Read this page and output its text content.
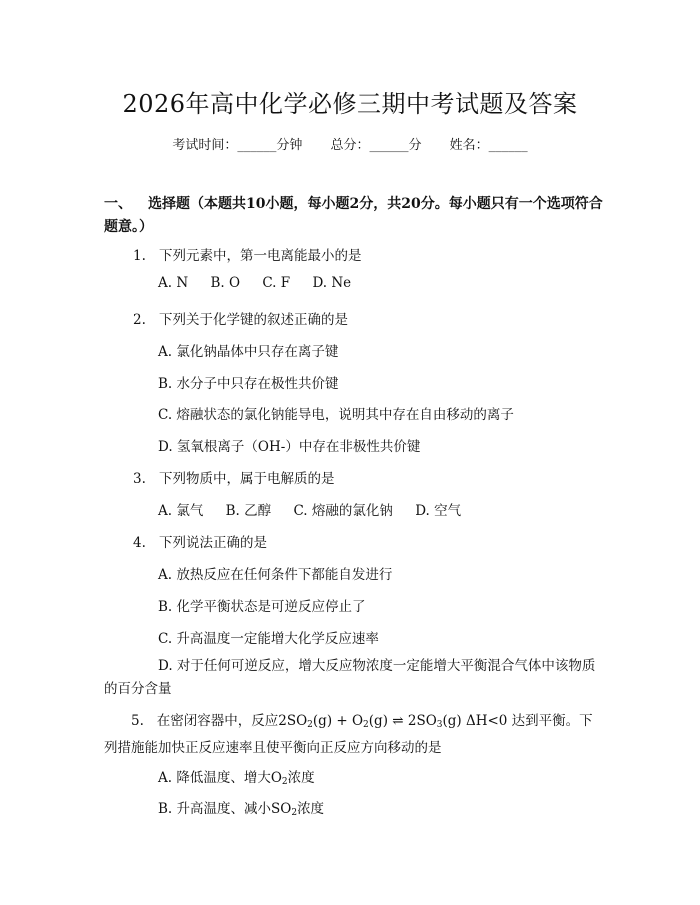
2026年高中化学必修三期中考试题及答案
考试时间：______分钟 总分：______分 姓名：______
一、 选择题（本题共10小题，每小题2分，共20分。每小题只有一个选项符合题意。）
1. 下列元素中，第一电离能最小的是
A. N B. O C. F D. Ne
2. 下列关于化学键的叙述正确的是
A. 氯化钠晶体中只存在离子键
B. 水分子中只存在极性共价键
C. 熔融状态的氯化钠能导电，说明其中存在自由移动的离子
D. 氢氧根离子（OH-）中存在非极性共价键
3. 下列物质中，属于电解质的是
A. 氯气 B. 乙醇 C. 熔融的氯化钠 D. 空气
4. 下列说法正确的是
A. 放热反应在任何条件下都能自发进行
B. 化学平衡状态是可逆反应停止了
C. 升高温度一定能增大化学反应速率
D. 对于任何可逆反应，增大反应物浓度一定能增大平衡混合气体中该物质的百分含量
5. 在密闭容器中，反应$2SO_2(g) + O_2(g)$ ⇌ $2SO_3(g)$ ΔH<0 达到平衡。下列措施能加快正反应速率且使平衡向正反应方向移动的是
A. 降低温度、增大$O_2$浓度
B. 升高温度、减小$SO_2$浓度
